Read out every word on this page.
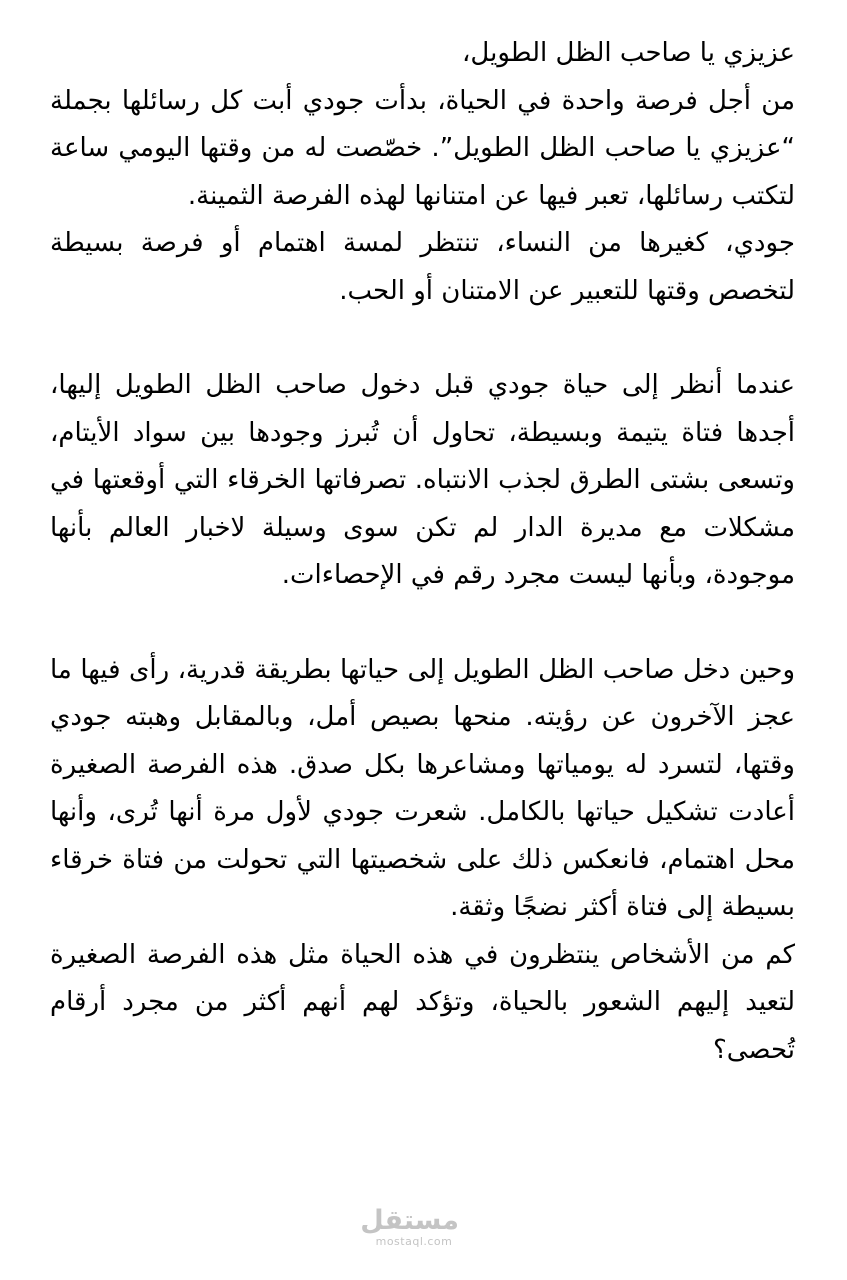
عزيزي يا صاحب الظل الطويل،

من أجل فرصة واحدة في الحياة، بدأت جودي أبت كل رسائلها بجملة “عزيزي يا صاحب الظل الطويل”. خصّصت له من وقتها اليومي ساعة لتكتب رسائلها، تعبر فيها عن امتنانها لهذه الفرصة الثمينة.

جودي، كغيرها من النساء، تنتظر لمسة اهتمام أو فرصة بسيطة لتخصص وقتها للتعبير عن الامتنان أو الحب.

عندما أنظر إلى حياة جودي قبل دخول صاحب الظل الطويل إليها، أجدها فتاة يتيمة وبسيطة، تحاول أن تُبرز وجودها بين سواد الأيتام، وتسعى بشتى الطرق لجذب الانتباه. تصرفاتها الخرقاء التي أوقعتها في مشكلات مع مديرة الدار لم تكن سوى وسيلة لاخبار العالم بأنها موجودة، وبأنها ليست مجرد رقم في الإحصاءات.

وحين دخل صاحب الظل الطويل إلى حياتها بطريقة قدرية، رأى فيها ما عجز الآخرون عن رؤيته. منحها بصيص أمل، وبالمقابل وهبته جودي وقتها، لتسرد له يومياتها ومشاعرها بكل صدق. هذه الفرصة الصغيرة أعادت تشكيل حياتها بالكامل. شعرت جودي لأول مرة أنها تُرى، وأنها محل اهتمام، فانعكس ذلك على شخصيتها التي تحولت من فتاة خرقاء بسيطة إلى فتاة أكثر نضجًا وثقة.

كم من الأشخاص ينتظرون في هذه الحياة مثل هذه الفرصة الصغيرة لتعيد إليهم الشعور بالحياة، وتؤكد لهم أنهم أكثر من مجرد أرقام تُحصى؟

مستقل
mostaql.com
